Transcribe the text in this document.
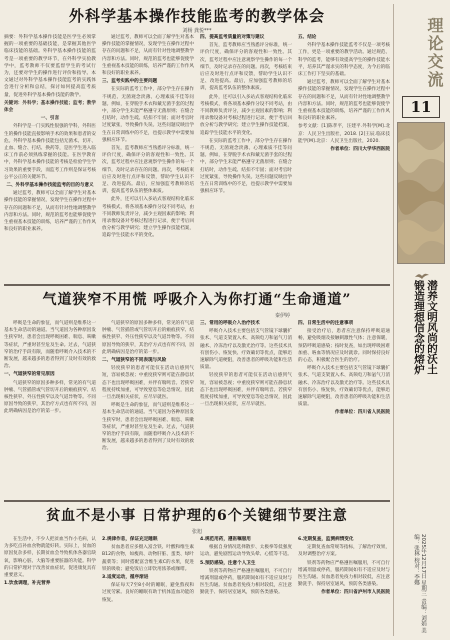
外科学基本操作技能监考的教学体会
刘杨 龚悦***

摘要：外科学基本操作技能是医学生必须掌握的一项重要的基础技能，是掌握其他医学临床技能的基础。外科学基本操作技能的监考是一项重要的教学环节，在外科学实验教学中，监考教师不仅要监督学生的考试行为，还要对学生的操作进行评价和指导。本文通过对外科学基本操作技能监考的实践体会进行分析和总结，探讨如何提高监考质量，促进外科学基本操作技能的教学。

关键词：外科学；基本操作技能；监考；教学体会

一、引言

外科学是一门实践性很强的学科，外科医生的操作技能直接影响手术的效果和患者的安危。外科学基本操作技能包括无菌术、切开、止血、缝合、打结、换药等，是医学生进入临床工作前必须熟练掌握的技能。在医学教育中，外科学基本操作技能的考核是检验学生学习效果的重要手段，而监考工作则是保证考核公平公正的关键环节。

二、外科学基本操作技能监考的目的与意义

通过监考，教师可以全面了解学生对基本操作技能的掌握情况，发现学生在操作过程中存在的问题和不足，从而有针对性地调整教学内容和方法。同时，规范的监考也能够促使学生重视基本技能的训练，培养严谨的工作作风和良好的职业素养。

通过监考，教师可以全面了解学生对基本操作技能的掌握情况，发现学生在操作过程中存在的问题和不足，从而有针对性地调整教学内容和方法。同时，规范的监考也能够促使学生重视基本技能的训练，培养严谨的工作作风和良好的职业素养。

三、监考实践中的主要问题

在实际的监考工作中，部分学生存在操作不规范、无菌观念淡薄、心理素质不佳等问题。例如，在穿脱手术衣和戴无菌手套的过程中，部分学生未能严格遵守无菌原则；在缝合打结时，动作生疏、结扣不牢固；面对考官时过度紧张，导致操作失误。这些问题反映出学生在日常训练中的不足，也提示教学中需要加强相应环节。

首先，监考教师应当熟悉评分标准，统一评价尺度，确保评分的客观性和一致性。其次，监考过程中应注意观察学生操作的每一个细节，及时记录存在的问题。再次，考核结束后应及时进行点评和反馈，帮助学生认识不足、改进提高。最后，应加强监考教师的培训，提高监考队伍的整体素质。

此外，还可以引入多站式客观结构化临床考核模式，将各项基本操作分设不同考站，由不同教师负责评分，减少主观因素的影响；利用录像设备对考核过程进行记录，便于考后回放分析与教学研究；建立学生操作技能档案，追踪学生技能水平的变化。

四、提高监考质量的对策与建议

首先，监考教师应当熟悉评分标准，统一评价尺度，确保评分的客观性和一致性。其次，监考过程中应注意观察学生操作的每一个细节，及时记录存在的问题。再次，考核结束后应及时进行点评和反馈，帮助学生认识不足、改进提高。最后，应加强监考教师的培训，提高监考队伍的整体素质。

此外，还可以引入多站式客观结构化临床考核模式，将各项基本操作分设不同考站，由不同教师负责评分，减少主观因素的影响；利用录像设备对考核过程进行记录，便于考后回放分析与教学研究；建立学生操作技能档案，追踪学生技能水平的变化。

在实际的监考工作中，部分学生存在操作不规范、无菌观念淡薄、心理素质不佳等问题。例如，在穿脱手术衣和戴无菌手套的过程中，部分学生未能严格遵守无菌原则；在缝合打结时，动作生疏、结扣不牢固；面对考官时过度紧张，导致操作失误。这些问题反映出学生在日常训练中的不足，也提示教学中需要加强相应环节。

五、结论

外科学基本操作技能监考不仅是一项考核工作，更是一项重要的教学活动。通过规范、科学的监考，能够有效提高学生的操作技能水平，培养其严谨求实的科学态度，为今后的临床工作打下坚实的基础。

通过监考，教师可以全面了解学生对基本操作技能的掌握情况，发现学生在操作过程中存在的问题和不足，从而有针对性地调整教学内容和方法。同时，规范的监考也能够促使学生重视基本技能的训练，培养严谨的工作作风和良好的职业素养。

参考文献：[1]陈孝平，汪建平.外科学[M].北京：人民卫生出版社，2018. [2]王辰.临床技能学[M].北京：人民卫生出版社，2020.

作者单位：四川大学华西医院

气道狭窄不用慌 呼吸介入为你打通“生命通道”
秦伊婷

呼吸是生命的象征，而气道则是维系这一基本生命活动的通道。当气道因为各种原因发生狭窄时，患者会出现呼吸困难、喘息、咳嗽等症状，严重时甚至危及生命。过去，气道狭窄的治疗手段有限，而随着呼吸介入技术的不断发展，越来越多的患者得到了及时有效的救治。

一、气道狭窄的常见原因

气道狭窄的原因多种多样，常见的有气道肿瘤、气管插管或气管切开后的瘢痕狭窄、结核性狭窄、外压性狭窄以及气道异物等。不同原因导致的狭窄，其治疗方式也有所不同，因此明确病因是治疗的第一步。

气道狭窄的原因多种多样，常见的有气道肿瘤、气管插管或气管切开后的瘢痕狭窄、结核性狭窄、外压性狭窄以及气道异物等。不同原因导致的狭窄，其治疗方式也有所不同，因此明确病因是治疗的第一步。

二、气道狭窄的不同表现与风险

轻度狭窄的患者可能仅在活动后感到气短，容易被忽视；中重度狭窄则可能在静息状态下也出现呼吸困难，并伴有喘鸣音。若狭窄程度持续加重，可导致窒息等危急情况，因此一旦出现相关症状，应尽早就医。

呼吸是生命的象征，而气道则是维系这一基本生命活动的通道。当气道因为各种原因发生狭窄时，患者会出现呼吸困难、喘息、咳嗽等症状，严重时甚至危及生命。过去，气道狭窄的治疗手段有限，而随着呼吸介入技术的不断发展，越来越多的患者得到了及时有效的救治。

三、常用的呼吸介入治疗技术

呼吸介入技术主要包括支气管镜下球囊扩张术、气道支架置入术、高频电刀和氩气刀消融术、冷冻治疗以及激光治疗等。这些技术具有创伤小、恢复快、疗效确切等优点，能够迅速解除气道梗阻，改善患者的呼吸功能和生活质量。

轻度狭窄的患者可能仅在活动后感到气短，容易被忽视；中重度狭窄则可能在静息状态下也出现呼吸困难，并伴有喘鸣音。若狭窄程度持续加重，可导致窒息等危急情况，因此一旦出现相关症状，应尽早就医。

四、日常生活中的注意事项

接受治疗后，患者应注意保持呼吸道通畅，避免吸烟及接触刺激性气体；注意保暖，预防呼吸道感染；按时复查，如出现呼吸困难加重、咯血等情况应及时就诊。同时保持良好的心态，积极配合医生的治疗。

呼吸介入技术主要包括支气管镜下球囊扩张术、气道支架置入术、高频电刀和氩气刀消融术、冷冻治疗以及激光治疗等。这些技术具有创伤小、恢复快、疗效确切等优点，能够迅速解除气道梗阻，改善患者的呼吸功能和生活质量。

作者单位：四川省人民医院

贫血不是小事 日常护理的6个关键细节要注意
张旭

在生活中，不少人把贫血当作小毛病，认为多吃点补血食物就能好转。实际上，贫血的原因复杂多样，长期贫血会导致机体各器官缺氧，影响心脏、大脑等重要脏器的功能。科学的日常护理对于改善贫血症状、促进康复具有重要意义。

1.饮食调理，补充营养

2.规律作息，保证充足睡眠

贫血患者应多摄入富含铁、叶酸和维生素B12的食物，如瘦肉、动物肝脏、蛋类、绿叶蔬菜等；同时搭配富含维生素C的水果，促进铁的吸收；避免饭后立即饮用浓茶或咖啡。

3.适度运动，循序渐进

保证每天7至8小时的睡眠，避免熬夜和过度劳累。良好的睡眠有助于机体造血功能的恢复。

4.规范用药，遵医嘱服用

根据自身情况选择散步、太极拳等低强度运动，避免剧烈运动导致头晕、心慌等不适。

5.预防感染，注意个人卫生

铁剂等药物应严格遵医嘱服用，不可自行增减剂量或停药，服药期间如有不适应及时与医生沟通。贫血患者免疫力相对较低，应注意勤洗手、保持居室通风，预防各类感染。

6.定期复查，监测病情变化

定期复查血常规等指标，了解治疗效果，及时调整治疗方案。

铁剂等药物应严格遵医嘱服用，不可自行增减剂量或停药，服药期间如有不适应及时与医生沟通。贫血患者免疫力相对较低，应注意勤洗手、保持居室通风，预防各类感染。

作者单位：四川省泸州市人民医院

理论交流
11
潜养文明风尚的沃土
锻造理想信念的熔炉
2025年12月17日 星期三 责编：刘娟 美编：张林 校对：李娜
